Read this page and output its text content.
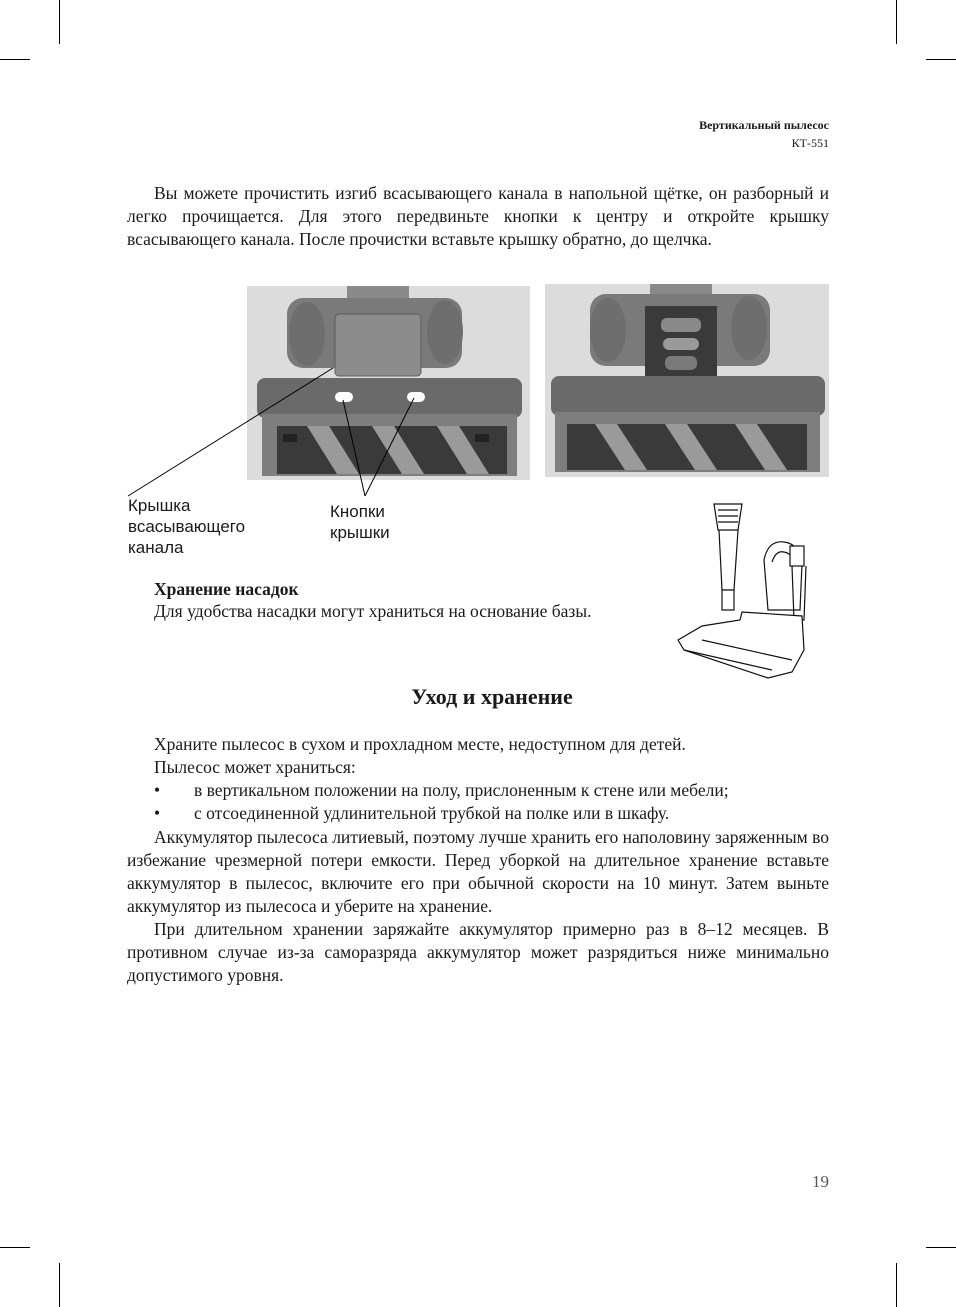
Вертикальный пылесос
КТ-551

Вы можете прочистить изгиб всасывающего канала в напольной щётке, он разборный и легко прочищается. Для этого передвиньте кнопки к центру и откройте крышку всасывающего канала. После прочистки вставьте крышку обратно, до щелчка.

Крышка
всасывающего
канала
Кнопки
крышки

Хранение насадок

Для удобства насадки могут храниться на основание базы.

Уход и хранение

Храните пылесос в сухом и прохладном месте, недоступном для детей.

Пылесос может храниться:

• в вертикальном положении на полу, прислоненным к стене или мебели;

• с отсоединенной удлинительной трубкой на полке или в шкафу.

Аккумулятор пылесоса литиевый, поэтому лучше хранить его наполовину заряженным во избежание чрезмерной потери емкости. Перед уборкой на длительное хранение вставьте аккумулятор в пылесос, включите его при обычной скорости на 10 минут. Затем выньте аккумулятор из пылесоса и уберите на хранение.

При длительном хранении заряжайте аккумулятор примерно раз в 8–12 месяцев. В противном случае из-за саморазряда аккумулятор может разрядиться ниже минимально допустимого уровня.

19
